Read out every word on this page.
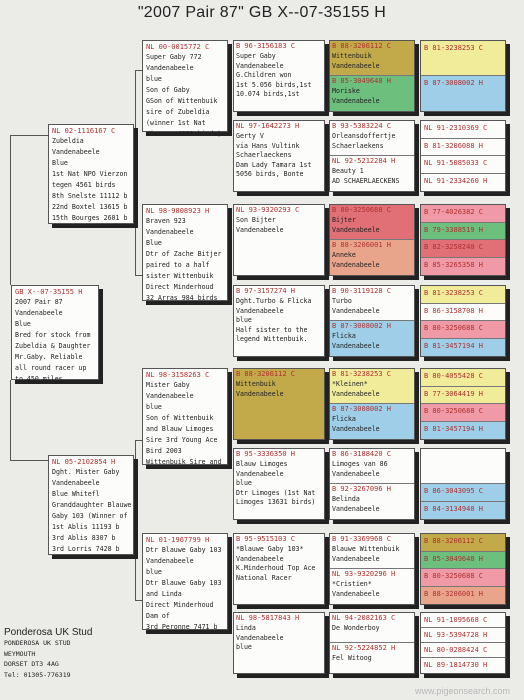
"2007 Pair 87" GB X--07-35155 H
GB X--07-35155 H
2007 Pair 87
Vandenabeele
Blue
Bred for stock from
Zubeldia & Daughter
Mr.Gaby. Reliable
all round racer up
to 450 miles.
NL 02-1116167 C
Zubeldia
Vandenabeele
Blue
1st Nat NPO Vierzon
tegen 4561 birds
8th Snelste 11112 b
22nd Boxtel 13615 b
15th Bourges 2601 b
NL 05-2102854 H
Dght. Mister Gaby
Vandenabeele
Blue Whitefl
Granddaughter Blauwe
Gaby 103 (Winner of
1st Ablis 11193 b
3rd Ablis 8307 b
3rd Lorris 7428 b
NL 00-0015772 C
Super Gaby 772
Vandenabeele
blue
Son of Gaby
GSon of Wittenbuik
sire of Zubeldia
(winner 1st Nat
Vierzon 4561 birds)
NL 98-9808923 H
Braven 923
Vandenabeele
Blue
Dtr of Zache Bitjer
paired to a half
sister Wittenbuik
Direct Minderhoud
32 Arras 984 birds
NL 98-3158263 C
Mister Gaby
Vandenabeele
blue
Son of Wittenbuik
and Blauw Limoges
Sire 3rd Young Ace
Bird 2003
Wittenbuik Sire and
NL 01-1967799 H
Dtr Blauwe Gaby 103
Vandenabeele
blue
Dtr Blauwe Gaby 103
and Linda
Direct Minderhoud
Dam of
3rd Peronne 7471 b
B 96-3156183 C
Super Gaby
Vandenabeele
G.Children won
1st 5.056 birds,1st
10.074 birds,1st
NL 97-1642273 H
Gerty V
via Hans Vultink
Schaerlaeckens
Dam Lady Tamara 1st
5056 birds, Bonte
NL 93-9320293 C
Son Bijter
Vandenabeele
B 97-3157274 H
Dght.Turbo & Flicka
Vandenabeele
blue
Half sister to the
legend Wittenbuik.
B 88-3206112 C
Wittenbuik
Vandenabeele
B 95-3336350 H
Blauw Limoges
Vandenabeele
blue
Dtr Limoges (1st Nat
Limoges 13631 birds)
B 95-9515103 C
*Blauwe Gaby 103*
Vandenabeele
K.Minderhoud Top Ace
National Racer
NL 98-5817843 H
Linda
Vandenabeele
blue
B 88-3206112 C
Wittenbuik
Vandenabeele
B 85-3049648 H
Moriske
Vandenabeele
B 93-5383224 C
Orleansdoffertje
Schaerlaekens
NL 92-5212284 H
Beauty 1
AD SCHAERLAECKENS
B 80-3250688 C
Bijter
Vandenabeele
B 88-3206001 H
Anneke
Vandenabeele
B 90-3119128 C
Turbo
Vandenabeele
B 87-3008002 H
Flicka
Vandenabeele
B 81-3238253 C
*Kleinen*
Vandenabeele
B 87-3008002 H
Flicka
Vandenabeele
B 86-3188420 C
Limoges van 86
Vandenabeele
B 92-3267096 H
Belinda
Vandenabeele
B 91-3369968 C
Blauwe Wittenbuik
Vandenabeele
NL 93-9320296 H
*Cristien*
Vandenabeele
NL 94-2082163 C
De Wonderboy
NL 92-5224852 H
Fel Witoog
B 81-3238253 C
B 87-3008002 H
NL 91-2310369 C
B 81-3206088 H
NL 91-5085033 C
NL 91-2334260 H
B 77-4026382 C
B 79-3388519 H
B 82-3258240 C
B 85-3265358 H
B 81-3238253 C
B 86-3158708 H
B 80-3250688 C
B 81-3457194 H
B 80-4055428 C
B 77-3064419 H
B 80-3250688 C
B 81-3457194 H
B 86-3043095 C
B 84-3134940 H
B 88-3206112 C
B 85-3049648 H
B 80-3250688 C
B 88-3206001 H
NL 91-1095668 C
NL 93-5394728 H
NL 80-0288424 C
NL 89-1814730 H
Ponderosa UK Stud
PONDEROSA UK STUD
WEYMOUTH
DORSET DT3 4AG
Tel: 01305-776319
www.pigeonsearch.com
